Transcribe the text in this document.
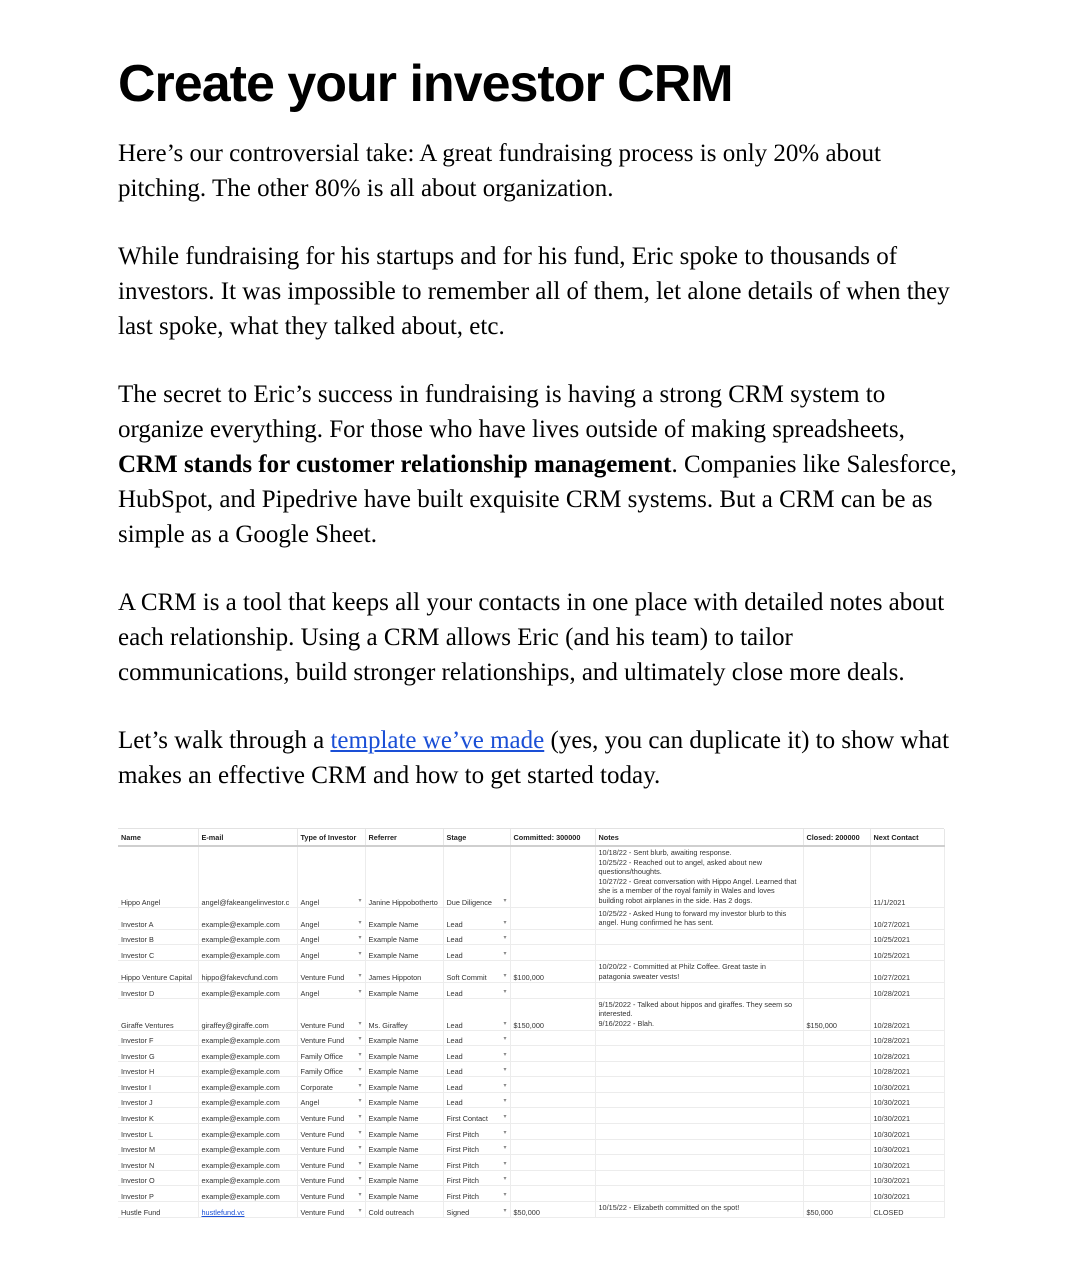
Create your investor CRM

Here’s our controversial take: A great fundraising process is only 20% about pitching. The other 80% is all about organization.

While fundraising for his startups and for his fund, Eric spoke to thousands of investors. It was impossible to remember all of them, let alone details of when they last spoke, what they talked about, etc.

The secret to Eric’s success in fundraising is having a strong CRM system to organize everything. For those who have lives outside of making spreadsheets, CRM stands for customer relationship management. Companies like Salesforce, HubSpot, and Pipedrive have built exquisite CRM systems. But a CRM can be as simple as a Google Sheet.

A CRM is a tool that keeps all your contacts in one place with detailed notes about each relationship. Using a CRM allows Eric (and his team) to tailor communications, build stronger relationships, and ultimately close more deals.

Let’s walk through a template we’ve made (yes, you can duplicate it) to show what makes an effective CRM and how to get started today.

Name	E-mail	Type of Investor	Referrer	Stage	Committed: 300000	Notes	Closed: 200000	Next Contact
Hippo Angel	angel@fakeangelinvestor.c	Angel ▾	Janine Hippobotherto	Due Diligence ▾		10/18/22 - Sent blurb, awaiting response.
10/25/22 - Reached out to angel, asked about new questions/thoughts.
10/27/22 - Great conversation with Hippo Angel. Learned that she is a member of the royal family in Wales and loves building robot airplanes in the side. Has 2 dogs.		11/1/2021
Investor A	example@example.com	Angel ▾	Example Name	Lead ▾		10/25/22 - Asked Hung to forward my investor blurb to this angel. Hung confirmed he has sent.		10/27/2021
Investor B	example@example.com	Angel ▾	Example Name	Lead ▾				10/25/2021
Investor C	example@example.com	Angel ▾	Example Name	Lead ▾				10/25/2021
Hippo Venture Capital	hippo@fakevcfund.com	Venture Fund ▾	James Hippoton	Soft Commit ▾	$100,000	10/20/22 - Committed at Philz Coffee. Great taste in patagonia sweater vests!		10/27/2021
Investor D	example@example.com	Angel ▾	Example Name	Lead ▾				10/28/2021
Giraffe Ventures	giraffey@giraffe.com	Venture Fund ▾	Ms. Giraffey	Lead ▾	$150,000	9/15/2022 - Talked about hippos and giraffes. They seem so interested.
9/16/2022 - Blah.	$150,000	10/28/2021
Investor F	example@example.com	Venture Fund ▾	Example Name	Lead ▾				10/28/2021
Investor G	example@example.com	Family Office ▾	Example Name	Lead ▾				10/28/2021
Investor H	example@example.com	Family Office ▾	Example Name	Lead ▾				10/28/2021
Investor I	example@example.com	Corporate ▾	Example Name	Lead ▾				10/30/2021
Investor J	example@example.com	Angel ▾	Example Name	Lead ▾				10/30/2021
Investor K	example@example.com	Venture Fund ▾	Example Name	First Contact ▾				10/30/2021
Investor L	example@example.com	Venture Fund ▾	Example Name	First Pitch ▾				10/30/2021
Investor M	example@example.com	Venture Fund ▾	Example Name	First Pitch ▾				10/30/2021
Investor N	example@example.com	Venture Fund ▾	Example Name	First Pitch ▾				10/30/2021
Investor O	example@example.com	Venture Fund ▾	Example Name	First Pitch ▾				10/30/2021
Investor P	example@example.com	Venture Fund ▾	Example Name	First Pitch ▾				10/30/2021
Hustle Fund	hustlefund.vc	Venture Fund ▾	Cold outreach	Signed ▾	$50,000	10/15/22 - Elizabeth committed on the spot!	$50,000	CLOSED
